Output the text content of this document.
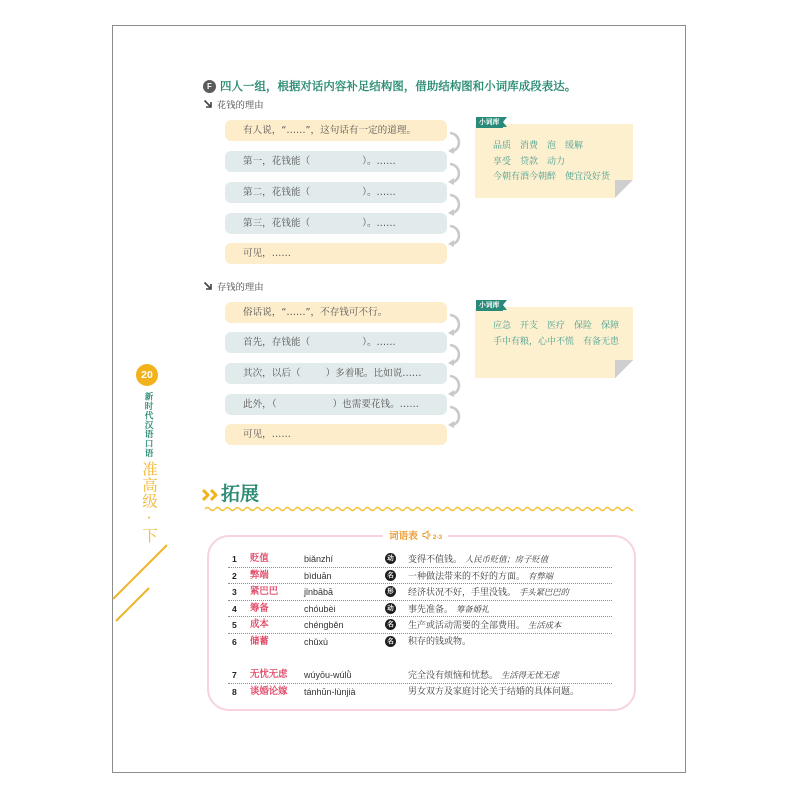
F 四人一组，根据对话内容补足结构图，借助结构图和小词库成段表达。
花钱的理由
有人说，“……”，这句话有一定的道理。
第一，花钱能（	）。……
第二，花钱能（	）。……
第三，花钱能（	）。……
可见，……
小词库
品质 消费 泡 缓解
享受 贷款 动力
今朝有酒今朝醉 便宜没好货
存钱的理由
俗话说，“……”，不存钱可不行。
首先，存钱能（	）。……
其次，以后（	）多着呢。比如说……
此外，（	）也需要花钱。……
可见，……
小词库
应急 开支 医疗 保险 保障
手中有粮，心中不慌 有备无患
20
新时代汉语口语
准高级·下	拓展
词语表 2-3
1 贬值	biǎnzhí	动 变得不值钱。 人民币贬值；房子贬值
2 弊端	bìduān	名 一种做法带来的不好的方面。 有弊端
3 紧巴巴	jǐnbābā	形 经济状况不好，手里没钱。 手头紧巴巴的
4 筹备	chóubèi	动 事先准备。 筹备婚礼
5 成本	chéngběn	名 生产或活动需要的全部费用。 生活成本
6 储蓄	chǔxù	名 积存的钱或物。
7 无忧无虑 wúyōu-wúlǜ	完全没有烦恼和忧愁。 生活得无忧无虑
8 谈婚论嫁 tánhūn-lùnjià	男女双方及家庭讨论关于结婚的具体问题。
